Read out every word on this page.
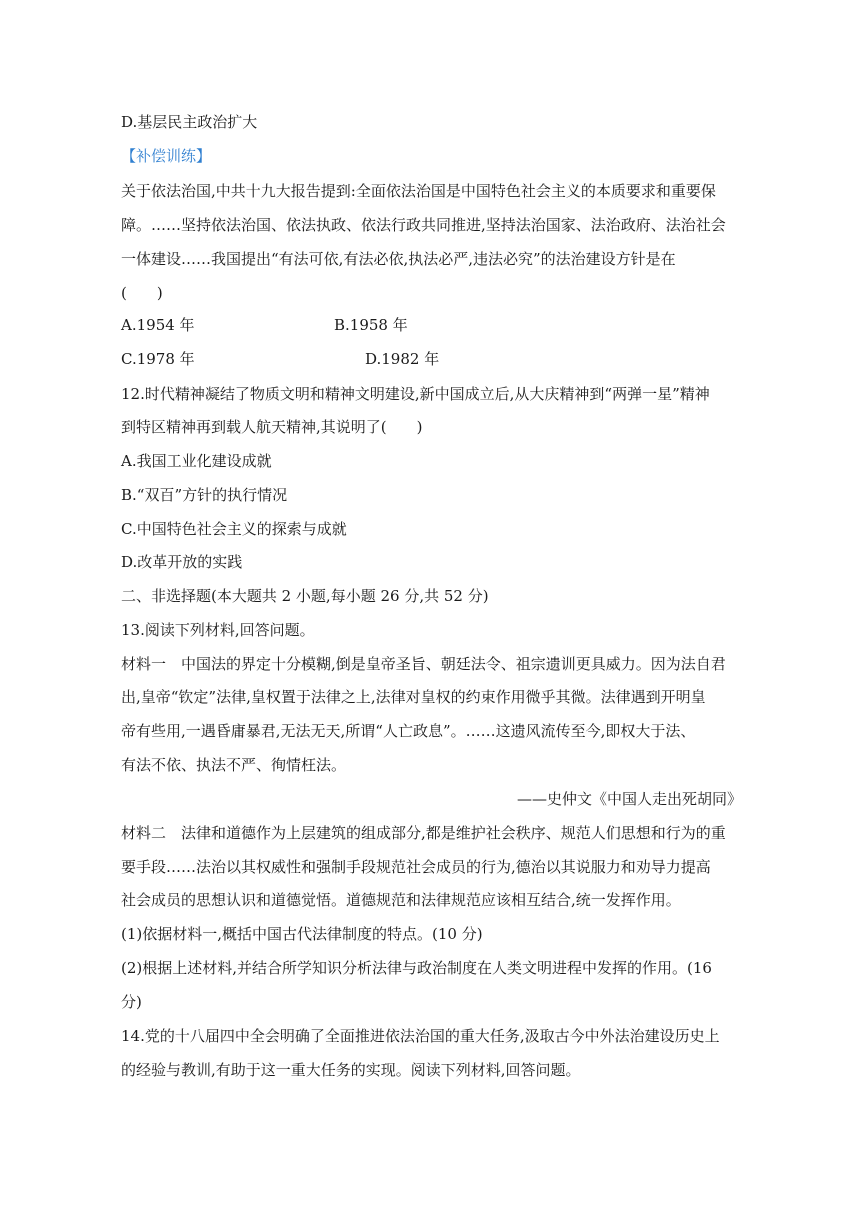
D.基层民主政治扩大
【补偿训练】
关于依法治国,中共十九大报告提到:全面依法治国是中国特色社会主义的本质要求和重要保
障。……坚持依法治国、依法执政、依法行政共同推进,坚持法治国家、法治政府、法治社会
一体建设……我国提出“有法可依,有法必依,执法必严,违法必究”的法治建设方针是在
(　　)
A.1954 年	B.1958 年
C.1978 年	D.1982 年
12.时代精神凝结了物质文明和精神文明建设,新中国成立后,从大庆精神到“两弹一星”精神
到特区精神再到载人航天精神,其说明了(　　)
A.我国工业化建设成就
B.“双百”方针的执行情况
C.中国特色社会主义的探索与成就
D.改革开放的实践
二、非选择题(本大题共 2 小题,每小题 26 分,共 52 分)
13.阅读下列材料,回答问题。
材料一　中国法的界定十分模糊,倒是皇帝圣旨、朝廷法令、祖宗遗训更具威力。因为法自君
出,皇帝“钦定”法律,皇权置于法律之上,法律对皇权的约束作用微乎其微。法律遇到开明皇
帝有些用,一遇昏庸暴君,无法无天,所谓“人亡政息”。……这遗风流传至今,即权大于法、
有法不依、执法不严、徇情枉法。
——史仲文《中国人走出死胡同》
材料二　法律和道德作为上层建筑的组成部分,都是维护社会秩序、规范人们思想和行为的重
要手段……法治以其权威性和强制手段规范社会成员的行为,德治以其说服力和劝导力提高
社会成员的思想认识和道德觉悟。道德规范和法律规范应该相互结合,统一发挥作用。
(1)依据材料一,概括中国古代法律制度的特点。(10 分)
(2)根据上述材料,并结合所学知识分析法律与政治制度在人类文明进程中发挥的作用。(16
分)
14.党的十八届四中全会明确了全面推进依法治国的重大任务,汲取古今中外法治建设历史上
的经验与教训,有助于这一重大任务的实现。阅读下列材料,回答问题。
